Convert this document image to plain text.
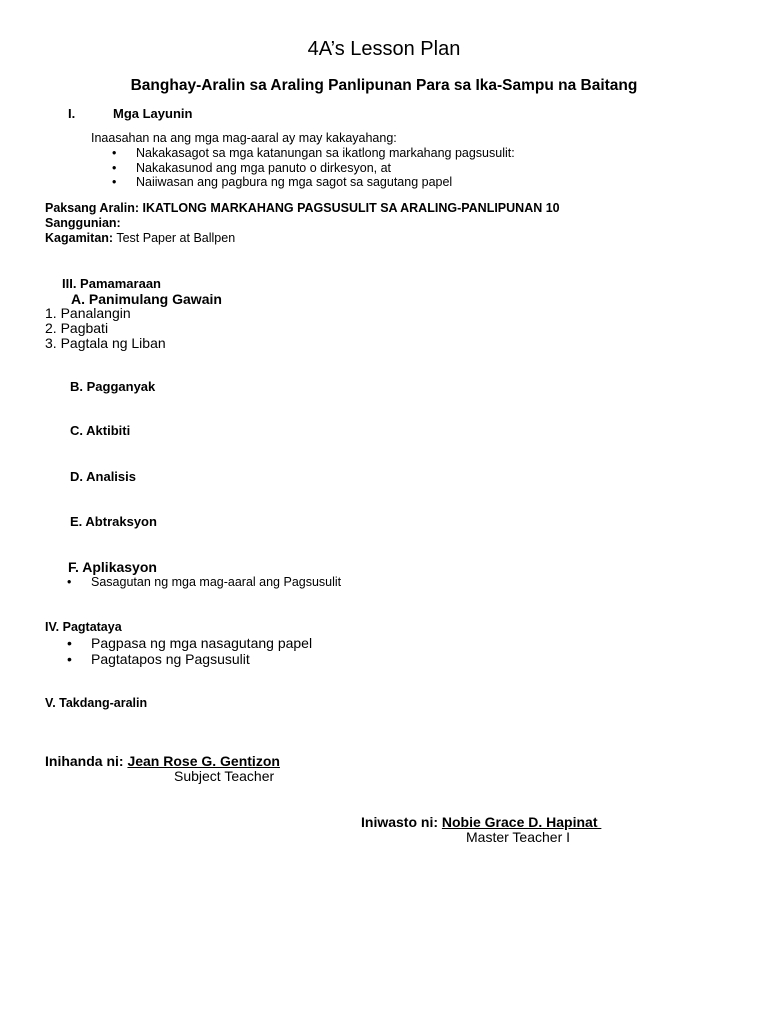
4A’s Lesson Plan
Banghay-Aralin sa Araling Panlipunan Para sa Ika-Sampu na Baitang
I.	Mga Layunin
Inaasahan na ang mga mag-aaral ay may kakayahang:
• Nakakasagot sa mga katanungan sa ikatlong markahang pagsusulit:
• Nakakasunod ang mga panuto o dirkesyon, at
• Naiiwasan ang pagbura ng mga sagot sa sagutang papel
Paksang Aralin: IKATLONG MARKAHANG PAGSUSULIT SA ARALING-PANLIPUNAN 10
Sanggunian:
Kagamitan: Test Paper at Ballpen
III. Pamamaraan
A. Panimulang Gawain
1. Panalangin
2. Pagbati
3. Pagtala ng Liban
B. Pagganyak
C. Aktibiti
D. Analisis
E. Abtraksyon
F. Aplikasyon
• Sasagutan ng mga mag-aaral ang Pagsusulit
IV. Pagtataya
• Pagpasa ng mga nasagutang papel
• Pagtatapos ng Pagsusulit
V. Takdang-aralin
Inihanda ni: Jean Rose G. Gentizon
Subject Teacher
Iniwasto ni: Nobie Grace D. Hapinat
Master Teacher I
